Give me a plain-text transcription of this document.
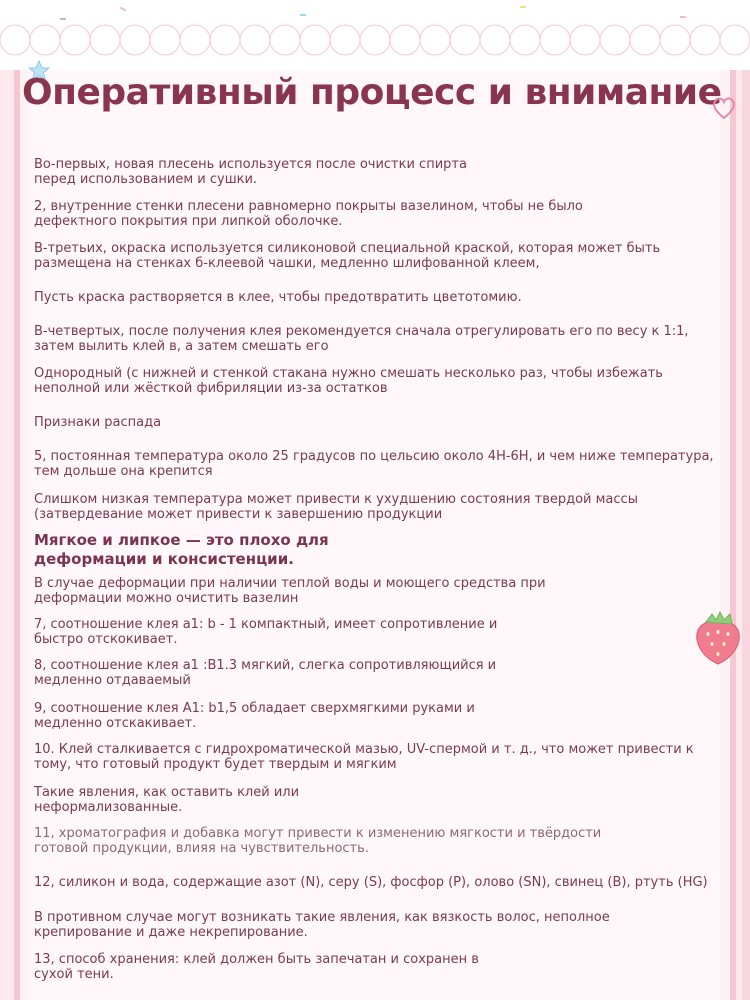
Оперативный процесс и внимание

Во-первых, новая плесень используется после очистки спирта
перед использованием и сушки.

2, внутренние стенки плесени равномерно покрыты вазелином, чтобы не было
дефектного покрытия при липкой оболочке.

В-третьих, окраска используется силиконовой специальной краской, которая может быть
размещена на стенках б-клеевой чашки, медленно шлифованной клеем,

Пусть краска растворяется в клее, чтобы предотвратить цветотомию.

В-четвертых, после получения клея рекомендуется сначала отрегулировать его по весу к 1:1,
затем вылить клей в, а затем смешать его

Однородный (с нижней и стенкой стакана нужно смешать несколько раз, чтобы избежать
неполной или жёсткой фибриляции из-за остатков

Признаки распада

5, постоянная температура около 25 градусов по цельсию около 4H-6H, и чем ниже температура,
тем дольше она крепится

Слишком низкая температура может привести к ухудшению состояния твердой массы
(затвердевание может привести к завершению продукции

Мягкое и липкое — это плохо для
деформации и консистенции.

В случае деформации при наличии теплой воды и моющего средства при
деформации можно очистить вазелин

7, соотношение клея a1: b - 1 компактный, имеет сопротивление и
быстро отскокивает.

8, соотношение клея a1 :B1.3 мягкий, слегка сопротивляющийся и
медленно отдаваемый

9, соотношение клея A1: b1,5 обладает сверхмягкими руками и
медленно отскакивает.

10. Клей сталкивается с гидрохроматической мазью, UV-спермой и т. д., что может привести к
тому, что готовый продукт будет твердым и мягким

Такие явления, как оставить клей или
неформализованные.

11, хроматография и добавка могут привести к изменению мягкости и твёрдости
готовой продукции, влияя на чувствительность.

12, силикон и вода, содержащие азот (N), серу (S), фосфор (P), олово (SN), свинец (B), ртуть (HG)

В противном случае могут возникать такие явления, как вязкость волос, неполное
крепирование и даже некрепирование.

13, способ хранения: клей должен быть запечатан и сохранен в
сухой тени.
